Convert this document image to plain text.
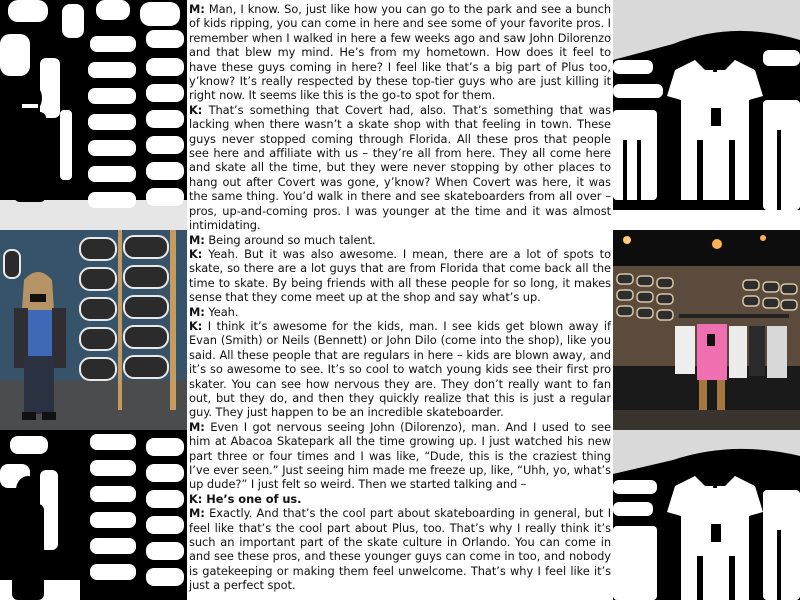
M: Man, I know. So, just like how you can go to the park and see a bunch of kids ripping, you can come in here and see some of your favorite pros. I remember when I walked in here a few weeks ago and saw John Dilorenzo and that blew my mind. He’s from my hometown. How does it feel to have these guys coming in here? I feel like that’s a big part of Plus too, y’know? It’s really respected by these top-tier guys who are just killing it right now. It seems like this is the go-to spot for them.

K: That’s something that Covert had, also. That’s something that was lacking when there wasn’t a skate shop with that feeling in town. These guys never stopped coming through Florida. All these pros that people see here and affiliate with us – they’re all from here. They all come here and skate all the time, but they were never stopping by other places to hang out after Covert was gone, y’know? When Covert was here, it was the same thing. You’d walk in there and see skateboarders from all over – pros, up-and-coming pros. I was younger at the time and it was almost intimidating.

M: Being around so much talent.

K: Yeah. But it was also awesome. I mean, there are a lot of spots to skate, so there are a lot guys that are from Florida that come back all the time to skate. By being friends with all these people for so long, it makes sense that they come meet up at the shop and say what’s up.

M: Yeah.

K: I think it’s awesome for the kids, man. I see kids get blown away if Evan (Smith) or Neils (Bennett) or John Dilo (come into the shop), like you said. All these people that are regulars in here – kids are blown away, and it’s so awesome to see. It’s so cool to watch young kids see their first pro skater. You can see how nervous they are. They don’t really want to fan out, but they do, and then they quickly realize that this is just a regular guy. They just happen to be an incredible skateboarder.

M: Even I got nervous seeing John (Dilorenzo), man. And I used to see him at Abacoa Skatepark all the time growing up. I just watched his new part three or four times and I was like, “Dude, this is the craziest thing I’ve ever seen.” Just seeing him made me freeze up, like, “Uhh, yo, what’s up dude?” I just felt so weird. Then we started talking and –

K: He’s one of us.

M: Exactly. And that’s the cool part about skateboarding in general, but I feel like that’s the cool part about Plus, too. That’s why I really think it’s such an important part of the skate culture in Orlando. You can come in and see these pros, and these younger guys can come in too, and nobody is gatekeeping or making them feel unwelcome. That’s why I feel like it’s just a perfect spot.
